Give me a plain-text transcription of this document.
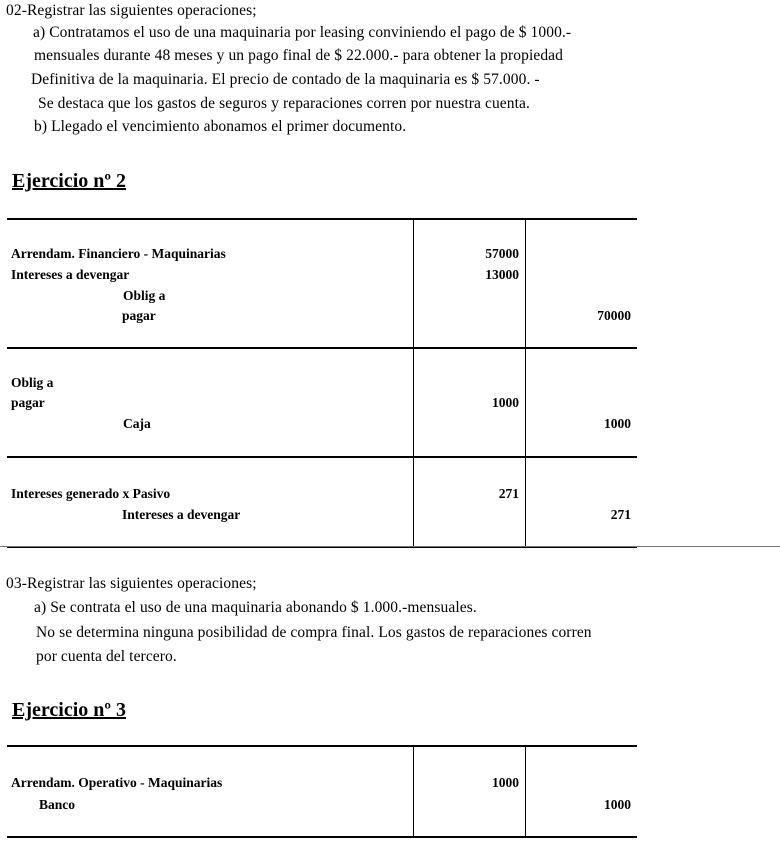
02-Registrar las siguientes operaciones;
a) Contratamos el uso de una maquinaria por leasing conviniendo el pago de $ 1000.-
mensuales durante 48 meses y un pago final de $ 22.000.- para obtener la propiedad
Definitiva de la maquinaria. El precio de contado de la maquinaria es $ 57.000. -
Se destaca que los gastos de seguros y reparaciones corren por nuestra cuenta.
b) Llegado el vencimiento abonamos el primer documento.
Ejercicio nº 2
Arrendam. Financiero - Maquinarias
Intereses a devengar
Oblig a
pagar
57000
13000
70000
Oblig a
pagar
Caja
1000
1000
Intereses generado x Pasivo
Intereses a devengar
271
271
03-Registrar las siguientes operaciones;
a) Se contrata el uso de una maquinaria abonando $ 1.000.-mensuales.
No se determina ninguna posibilidad de compra final. Los gastos de reparaciones corren
por cuenta del tercero.
Ejercicio nº 3
Arrendam. Operativo - Maquinarias
Banco
1000
1000
